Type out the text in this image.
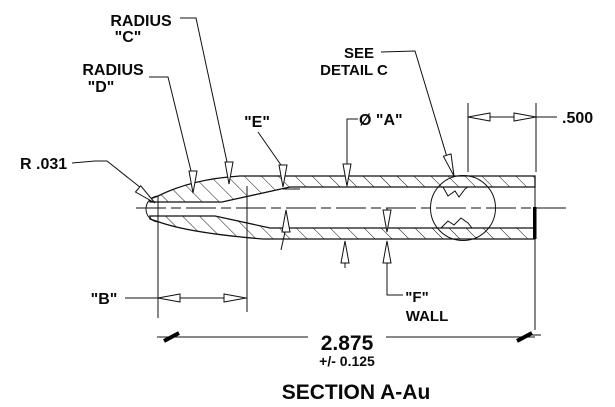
RADIUS
"C"
RADIUS
"D"
R .031
"E"	Ø "A"
SEE
DETAIL C
.500
"B"	"F"
WALL
2.875
+/- 0.125
SECTION A-Au
